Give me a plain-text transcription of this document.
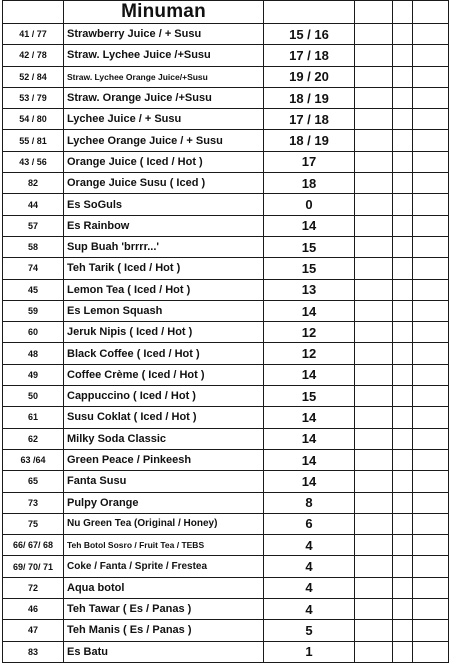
	Minuman				
41 / 77	Strawberry Juice / + Susu	15 / 16			
42 / 78	Straw. Lychee Juice /+Susu	17 / 18			
52 / 84	Straw. Lychee Orange Juice/+Susu	19 / 20			
53 / 79	Straw. Orange Juice /+Susu	18 / 19			
54 / 80	Lychee Juice / + Susu	17 / 18			
55 / 81	Lychee Orange Juice / + Susu	18 / 19			
43 / 56	Orange Juice ( Iced / Hot )	17			
82	Orange Juice Susu ( Iced )	18			
44	Es SoGuls	0			
57	Es Rainbow	14			
58	Sup Buah 'brrrr...'	15			
74	Teh Tarik ( Iced / Hot )	15			
45	Lemon Tea ( Iced / Hot )	13			
59	Es Lemon Squash	14			
60	Jeruk Nipis ( Iced / Hot )	12			
48	Black Coffee ( Iced / Hot )	12			
49	Coffee Crème ( Iced / Hot )	14			
50	Cappuccino ( Iced / Hot )	15			
61	Susu Coklat ( Iced / Hot )	14			
62	Milky Soda Classic	14			
63 /64	Green Peace / Pinkeesh	14			
65	Fanta Susu	14			
73	Pulpy Orange	8			
75	Nu Green Tea (Original / Honey)	6			
66/ 67/ 68	Teh Botol Sosro / Fruit Tea / TEBS	4			
69/ 70/ 71	Coke / Fanta / Sprite / Frestea	4			
72	Aqua botol	4			
46	Teh Tawar ( Es / Panas )	4			
47	Teh Manis ( Es / Panas )	5			
83	Es Batu	1			
